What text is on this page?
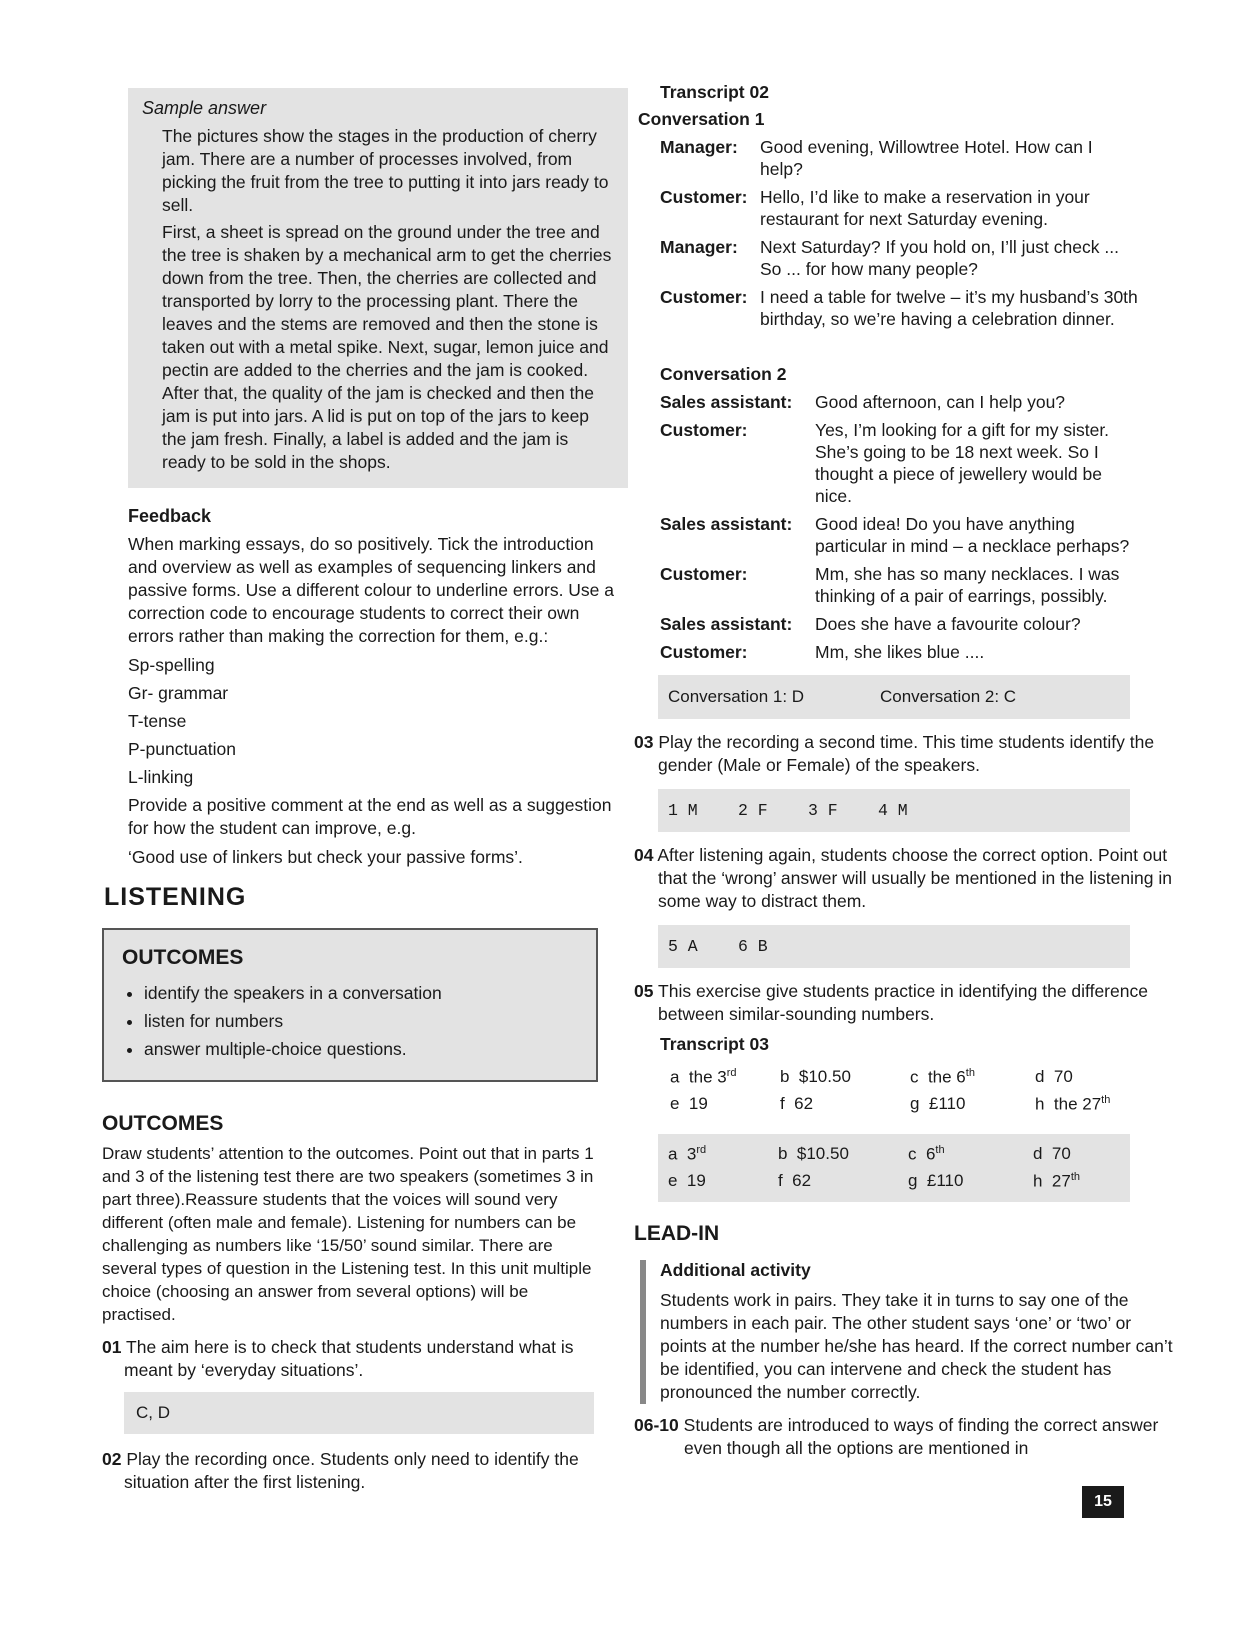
Sample answer

The pictures show the stages in the production of cherry jam. There are a number of processes involved, from picking the fruit from the tree to putting it into jars ready to sell.

First, a sheet is spread on the ground under the tree and the tree is shaken by a mechanical arm to get the cherries down from the tree. Then, the cherries are collected and transported by lorry to the processing plant. There the leaves and the stems are removed and then the stone is taken out with a metal spike. Next, sugar, lemon juice and pectin are added to the cherries and the jam is cooked. After that, the quality of the jam is checked and then the jam is put into jars. A lid is put on top of the jars to keep the jam fresh. Finally, a label is added and the jam is ready to be sold in the shops.

Feedback

When marking essays, do so positively. Tick the introduction and overview as well as examples of sequencing linkers and passive forms. Use a different colour to underline errors. Use a correction code to encourage students to correct their own errors rather than making the correction for them, e.g.:

Sp-spelling
Gr- grammar
T-tense
P-punctuation
L-linking

Provide a positive comment at the end as well as a suggestion for how the student can improve, e.g.

‘Good use of linkers but check your passive forms’.

LISTENING
OUTCOMES
• identify the speakers in a conversation
• listen for numbers
• answer multiple-choice questions.
OUTCOMES

Draw students’ attention to the outcomes. Point out that in parts 1 and 3 of the listening test there are two speakers (sometimes 3 in part three).Reassure students that the voices will sound very different (often male and female). Listening for numbers can be challenging as numbers like ‘15/50’ sound similar. There are several types of question in the Listening test. In this unit multiple choice (choosing an answer from several options) will be practised.

01 The aim here is to check that students understand what is meant by ‘everyday situations’.

C, D

02 Play the recording once. Students only need to identify the situation after the first listening.

Transcript 02

Conversation 1

Manager:	Good evening, Willowtree Hotel. How can I help?
Customer: Hello, I’d like to make a reservation in your restaurant for next Saturday evening.
Manager:	Next Saturday? If you hold on, I’ll just check ... So ... for how many people?
Customer: I need a table for twelve – it’s my husband’s 30th birthday, so we’re having a celebration dinner.

Conversation 2

Sales assistant:	Good afternoon, can I help you?
Customer:	Yes, I’m looking for a gift for my sister. She’s going to be 18 next week. So I thought a piece of jewellery would be nice.
Sales assistant:	Good idea! Do you have anything particular in mind – a necklace perhaps?
Customer:	Mm, she has so many necklaces. I was thinking of a pair of earrings, possibly.
Sales assistant:	Does she have a favourite colour?
Customer:	Mm, she likes blue ....
Conversation 1: D	Conversation 2: C

03 Play the recording a second time. This time students identify the gender (Male or Female) of the speakers.

1 M 2 F 3 F 4 M

04 After listening again, students choose the correct option. Point out that the ‘wrong’ answer will usually be mentioned in the listening in some way to distract them.

5 A 6 B

05 This exercise give students practice in identifying the difference between similar-sounding numbers.

Transcript 03

a  the 3rd	b  $10.50	c  the 6th	d  70
e  19	f  62	g  £110	h  the 27th
a  3rd	b  $10.50	c  6th	d  70
e  19	f  62	g  £110	h  27th
LEAD-IN
Additional activity

Students work in pairs. They take it in turns to say one of the numbers in each pair. The other student says ‘one’ or ‘two’ or points at the number he/she has heard. If the correct number can’t be identified, you can intervene and check the student has pronounced the number correctly.

06-10 Students are introduced to ways of finding the correct answer even though all the options are mentioned in

15
